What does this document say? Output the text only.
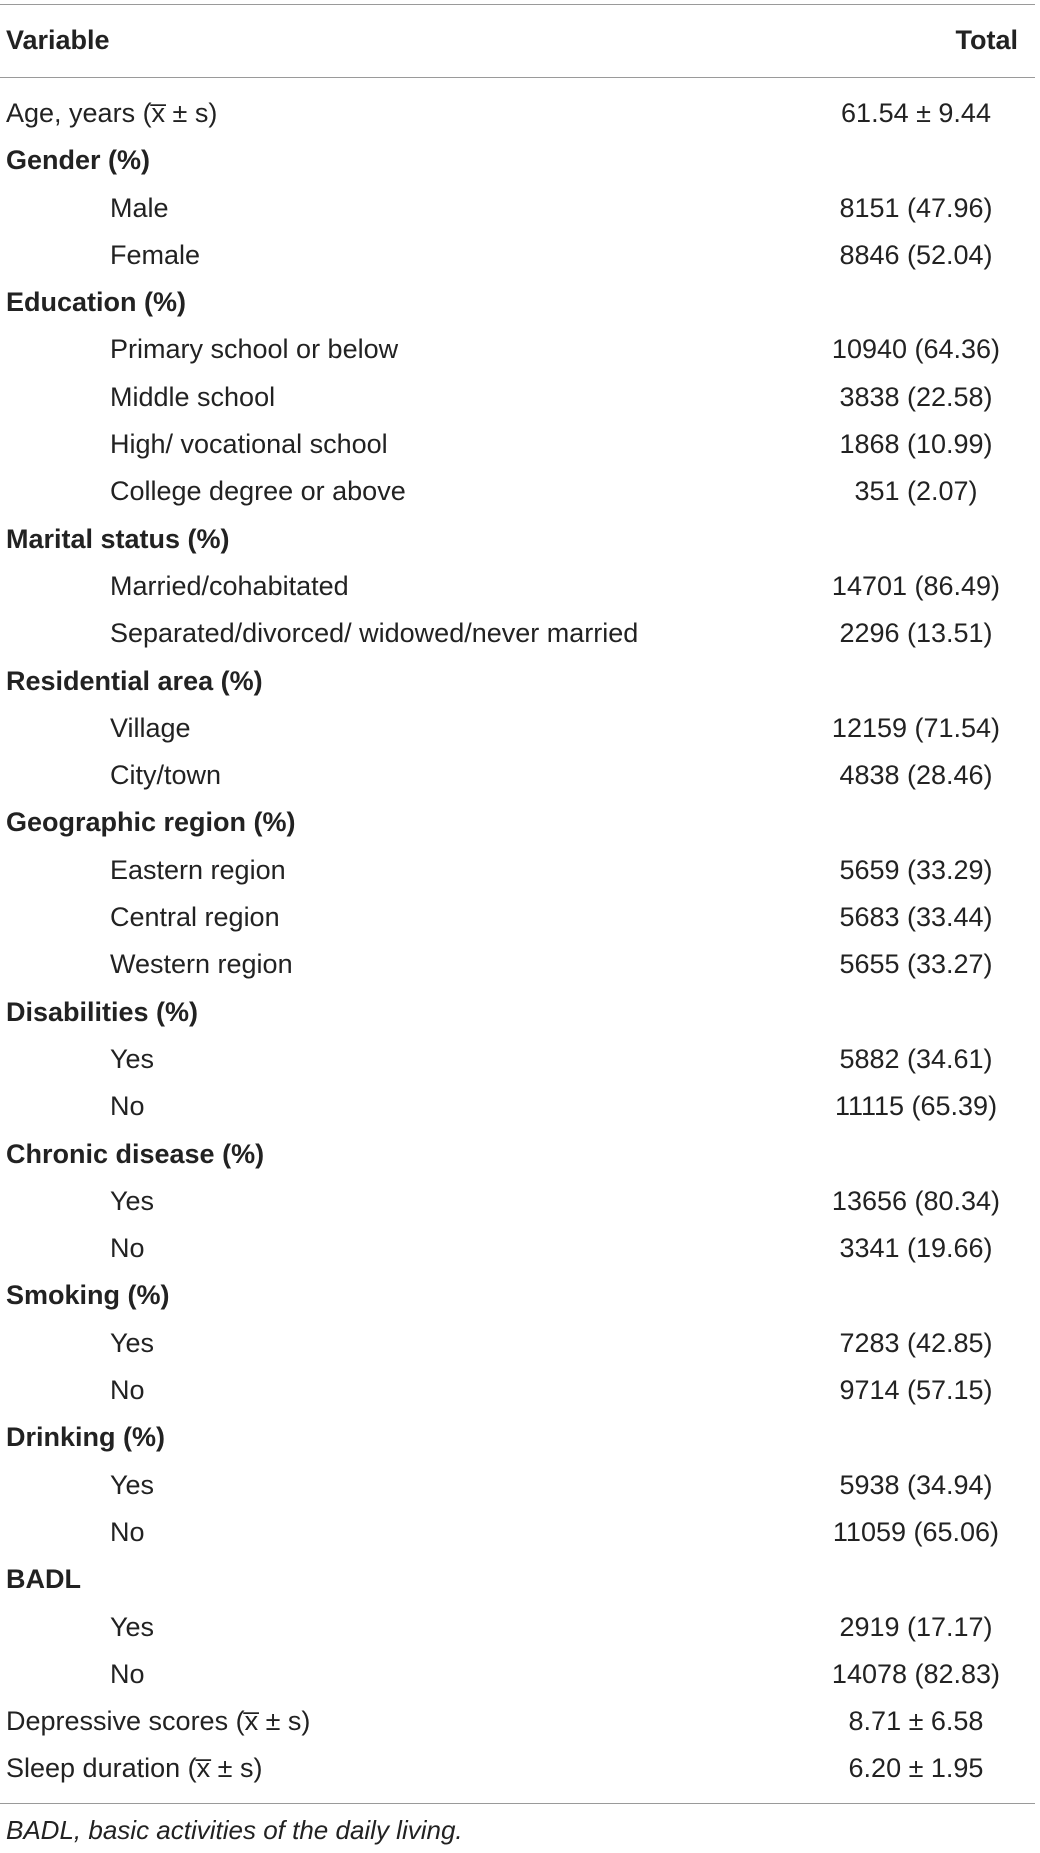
Variable	Total
Age, years (x̅ ± s)	61.54 ± 9.44
Gender (%)
Male	8151 (47.96)
Female	8846 (52.04)
Education (%)
Primary school or below	10940 (64.36)
Middle school	3838 (22.58)
High/ vocational school	1868 (10.99)
College degree or above	351 (2.07)
Marital status (%)
Married/cohabitated	14701 (86.49)
Separated/divorced/ widowed/never married	2296 (13.51)
Residential area (%)
Village	12159 (71.54)
City/town	4838 (28.46)
Geographic region (%)
Eastern region	5659 (33.29)
Central region	5683 (33.44)
Western region	5655 (33.27)
Disabilities (%)
Yes	5882 (34.61)
No	11115 (65.39)
Chronic disease (%)
Yes	13656 (80.34)
No	3341 (19.66)
Smoking (%)
Yes	7283 (42.85)
No	9714 (57.15)
Drinking (%)
Yes	5938 (34.94)
No	11059 (65.06)
BADL
Yes	2919 (17.17)
No	14078 (82.83)
Depressive scores (x̅ ± s)	8.71 ± 6.58
Sleep duration (x̅ ± s)	6.20 ± 1.95
BADL, basic activities of the daily living.
